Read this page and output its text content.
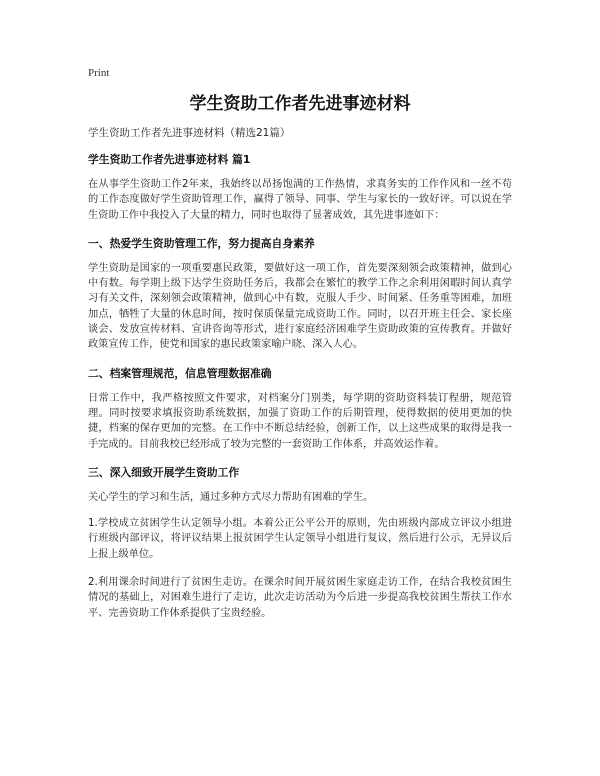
Print
学生资助工作者先进事迹材料
学生资助工作者先进事迹材料（精选21篇）
学生资助工作者先进事迹材料 篇1

在从事学生资助工作2年来，我始终以昂扬饱满的工作热情，求真务实的工作作风和一丝不苟的工作态度做好学生资助管理工作，赢得了领导、同事、学生与家长的一致好评。可以说在学生资助工作中我投入了大量的精力，同时也取得了显著成效，其先进事迹如下：

一、热爱学生资助管理工作，努力提高自身素养

学生资助是国家的一项重要惠民政策，要做好这一项工作，首先要深刻领会政策精神，做到心中有数。每学期上级下达学生资助任务后，我都会在繁忙的教学工作之余利用闲暇时间认真学习有关文件，深刻领会政策精神，做到心中有数，克服人手少、时间紧、任务重等困难，加班加点，牺牲了大量的休息时间，按时保质保量完成资助工作。同时，以召开班主任会、家长座谈会、发放宣传材料、宣讲咨询等形式，进行家庭经济困难学生资助政策的宣传教育。并做好政策宣传工作，使党和国家的惠民政策家喻户晓、深入人心。

二、档案管理规范，信息管理数据准确

日常工作中，我严格按照文件要求，对档案分门别类，每学期的资助资料装订程册，规范管理。同时按要求填报资助系统数据，加强了资助工作的后期管理，使得数据的使用更加的快捷，档案的保存更加的完整。在工作中不断总结经验，创新工作，以上这些成果的取得是我一手完成的。目前我校已经形成了较为完整的一套资助工作体系，并高效运作着。

三、深入细致开展学生资助工作

关心学生的学习和生活，通过多种方式尽力帮助有困难的学生。

1.学校成立贫困学生认定领导小组。本着公正公平公开的原则，先由班级内部成立评议小组进行班级内部评议，将评议结果上报贫困学生认定领导小组进行复议，然后进行公示，无异议后上报上级单位。

2.利用课余时间进行了贫困生走访。在课余时间开展贫困生家庭走访工作，在结合我校贫困生情况的基础上，对困难生进行了走访，此次走访活动为今后进一步提高我校贫困生帮扶工作水平、完善资助工作体系提供了宝贵经验。
